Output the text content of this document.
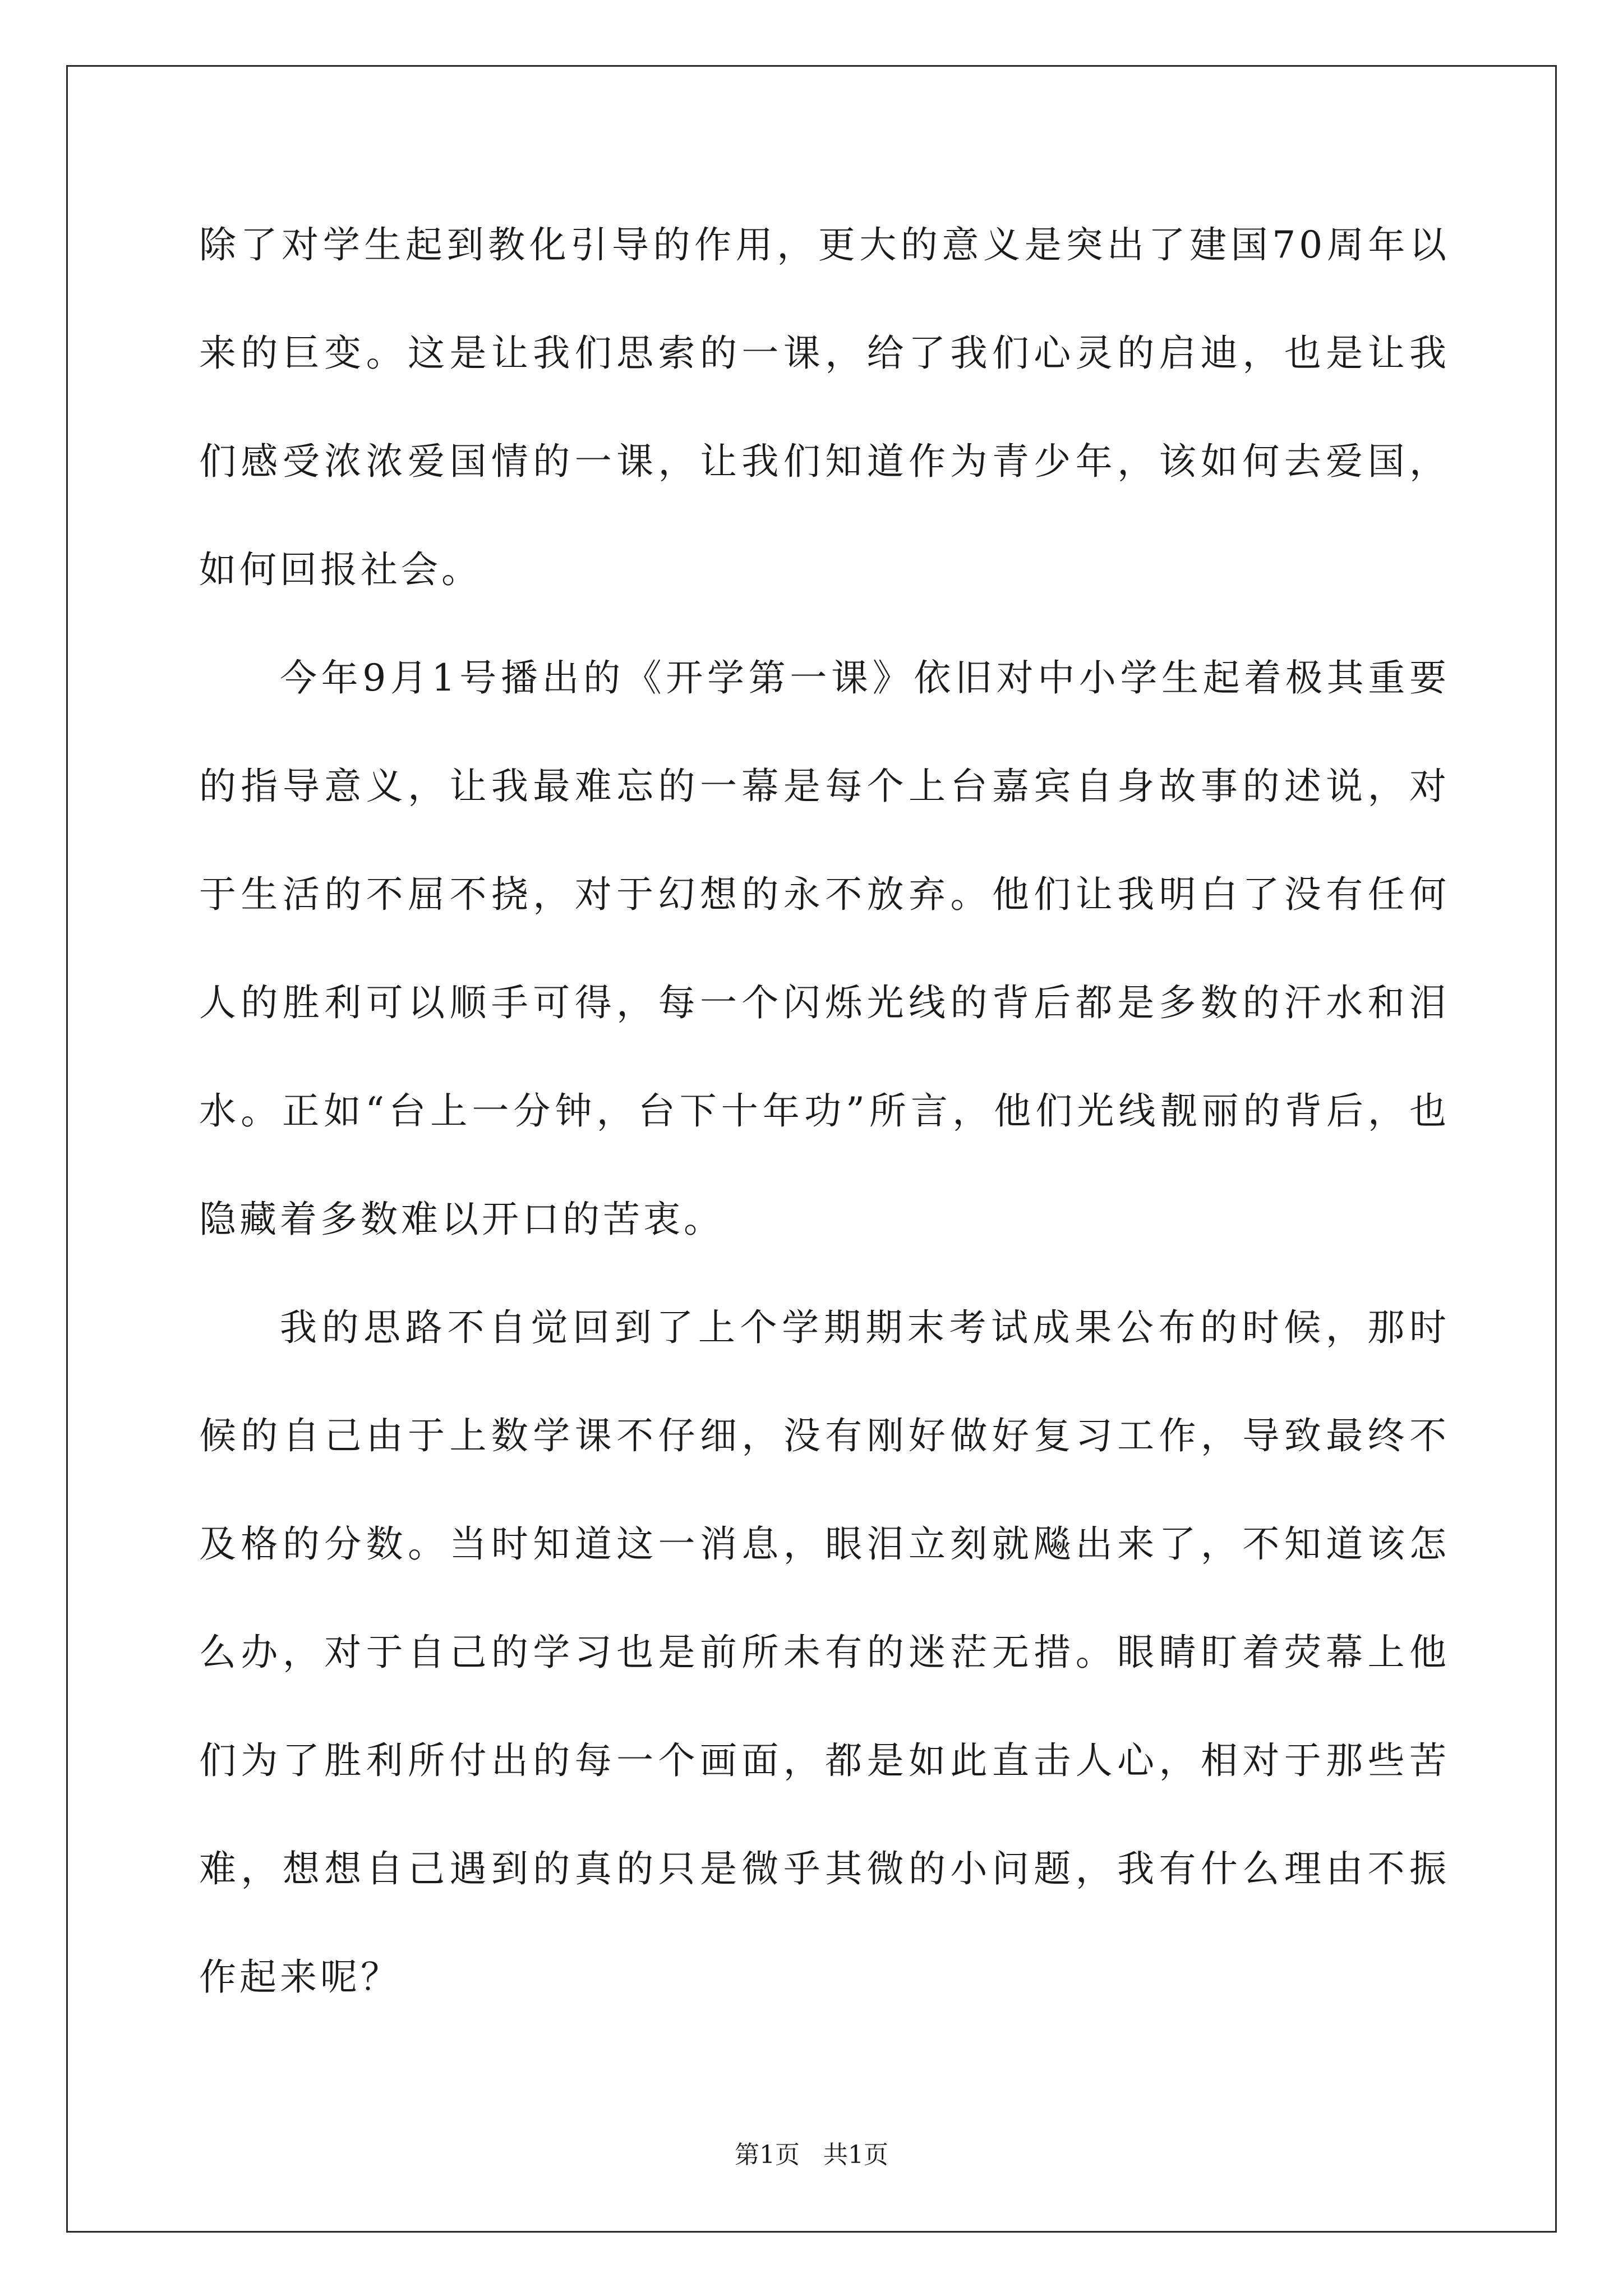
除了对学生起到教化引导的作用，更大的意义是突出了建国70周年以来的巨变。这是让我们思索的一课，给了我们心灵的启迪，也是让我们感受浓浓爱国情的一课，让我们知道作为青少年，该如何去爱国，如何回报社会。

今年9月1号播出的《开学第一课》依旧对中小学生起着极其重要的指导意义，让我最难忘的一幕是每个上台嘉宾自身故事的述说，对于生活的不屈不挠，对于幻想的永不放弃。他们让我明白了没有任何人的胜利可以顺手可得，每一个闪烁光线的背后都是多数的汗水和泪水。正如“台上一分钟，台下十年功”所言，他们光线靓丽的背后，也隐藏着多数难以开口的苦衷。

我的思路不自觉回到了上个学期期末考试成果公布的时候，那时候的自己由于上数学课不仔细，没有刚好做好复习工作，导致最终不及格的分数。当时知道这一消息，眼泪立刻就飚出来了，不知道该怎么办，对于自己的学习也是前所未有的迷茫无措。眼睛盯着荧幕上他们为了胜利所付出的每一个画面，都是如此直击人心，相对于那些苦难，想想自己遇到的真的只是微乎其微的小问题，我有什么理由不振作起来呢？

第1页   共1页
